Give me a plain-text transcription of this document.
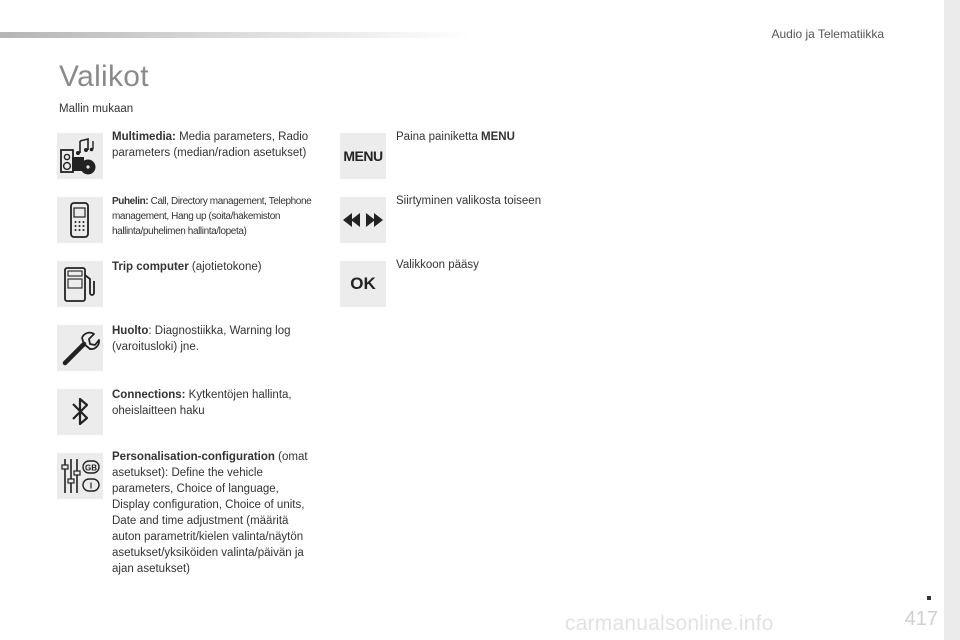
Audio ja Telematiikka
Valikot
Mallin mukaan
Multimedia: Media parameters, Radio parameters (median/radion asetukset)
Puhelin: Call, Directory management, Telephone management, Hang up (soita/hakemiston hallinta/puhelimen hallinta/lopeta)
Trip computer (ajotietokone)
Huolto: Diagnostiikka, Warning log (varoitusloki) jne.
Connections: Kytkentöjen hallinta, oheislaitteen haku
GB
I
Personalisation-configuration (omat asetukset): Define the vehicle parameters, Choice of language, Display configuration, Choice of units, Date and time adjustment (määritä auton parametrit/kielen valinta/näytön asetukset/yksiköiden valinta/päivän ja ajan asetukset)
MENU
Paina painiketta MENU
Siirtyminen valikosta toiseen
OK
Valikkoon pääsy
carmanualsonline.info	417
